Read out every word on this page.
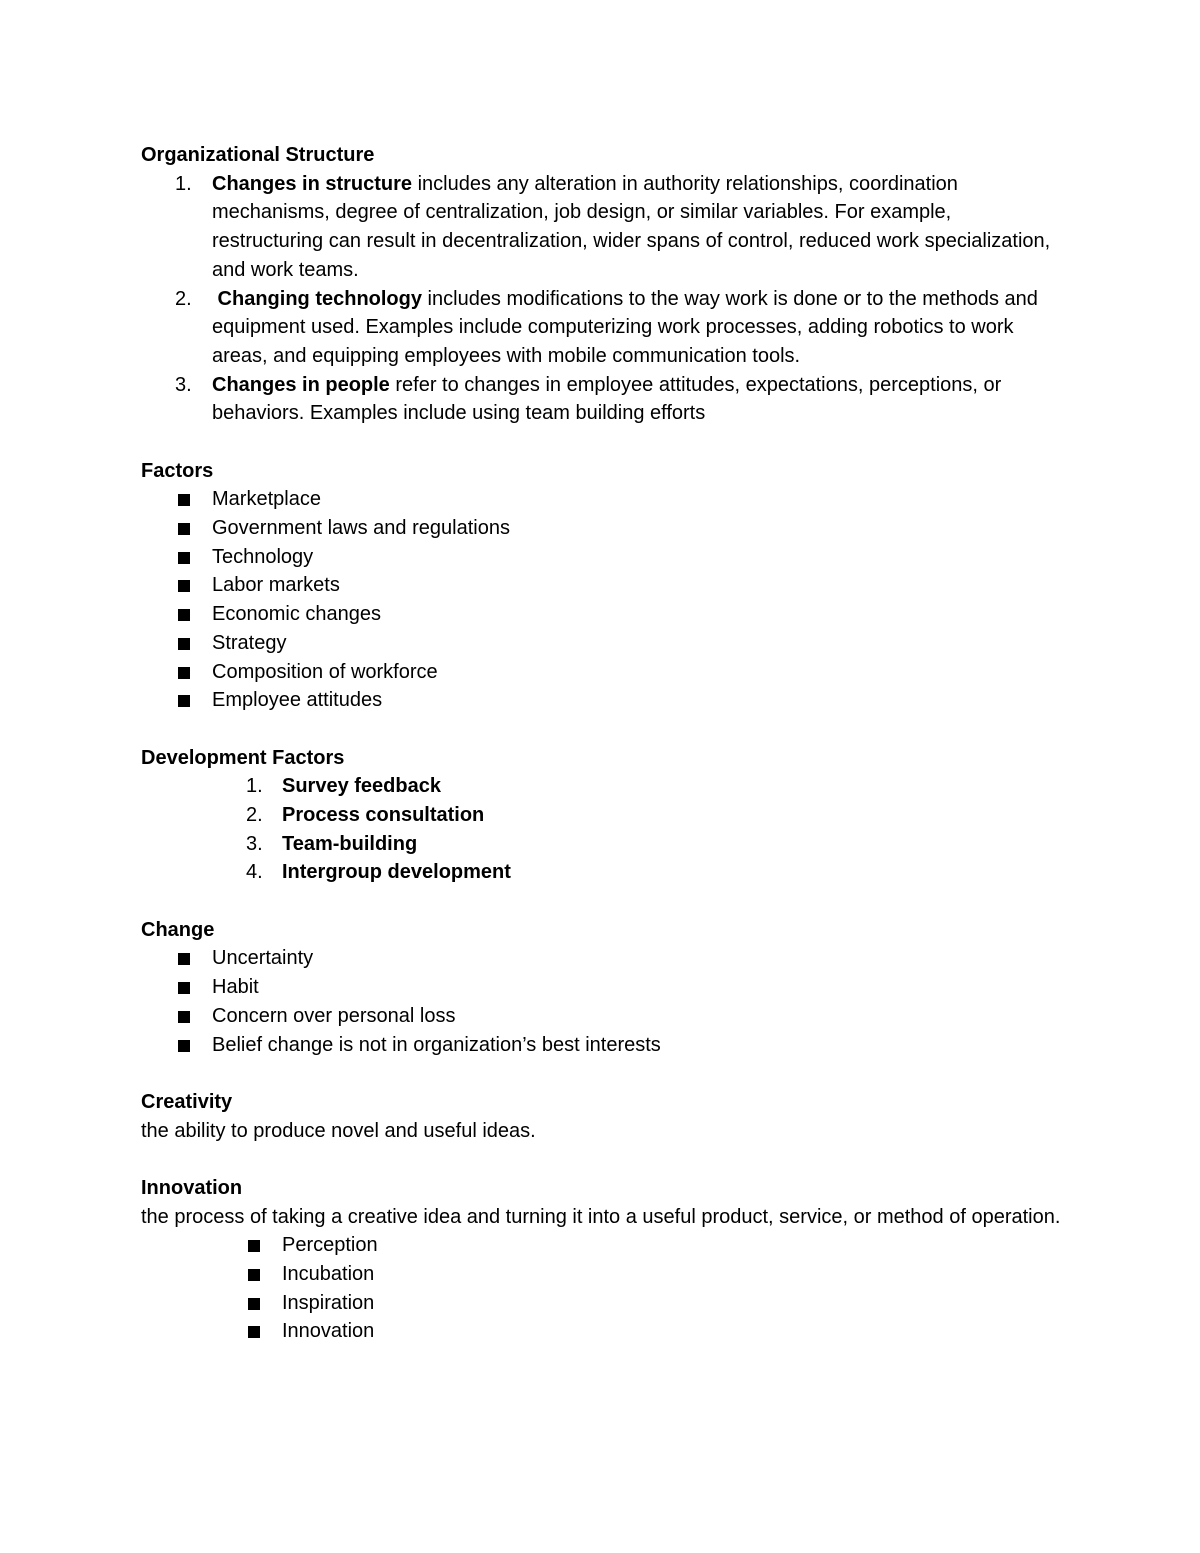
Organizational Structure

1. Changes in structure includes any alteration in authority relationships, coordination mechanisms, degree of centralization, job design, or similar variables. For example, restructuring can result in decentralization, wider spans of control, reduced work specialization, and work teams.
2. Changing technology includes modifications to the way work is done or to the methods and equipment used. Examples include computerizing work processes, adding robotics to work areas, and equipping employees with mobile communication tools.
3. Changes in people refer to changes in employee attitudes, expectations, perceptions, or behaviors. Examples include using team building efforts

Factors

Marketplace
Government laws and regulations
Technology
Labor markets
Economic changes
Strategy
Composition of workforce
Employee attitudes

Development Factors

1. Survey feedback
2. Process consultation
3. Team-building
4. Intergroup development

Change

Uncertainty
Habit
Concern over personal loss
Belief change is not in organization’s best interests

Creativity

the ability to produce novel and useful ideas.

Innovation

the process of taking a creative idea and turning it into a useful product, service, or method of operation.

Perception
Incubation
Inspiration
Innovation
